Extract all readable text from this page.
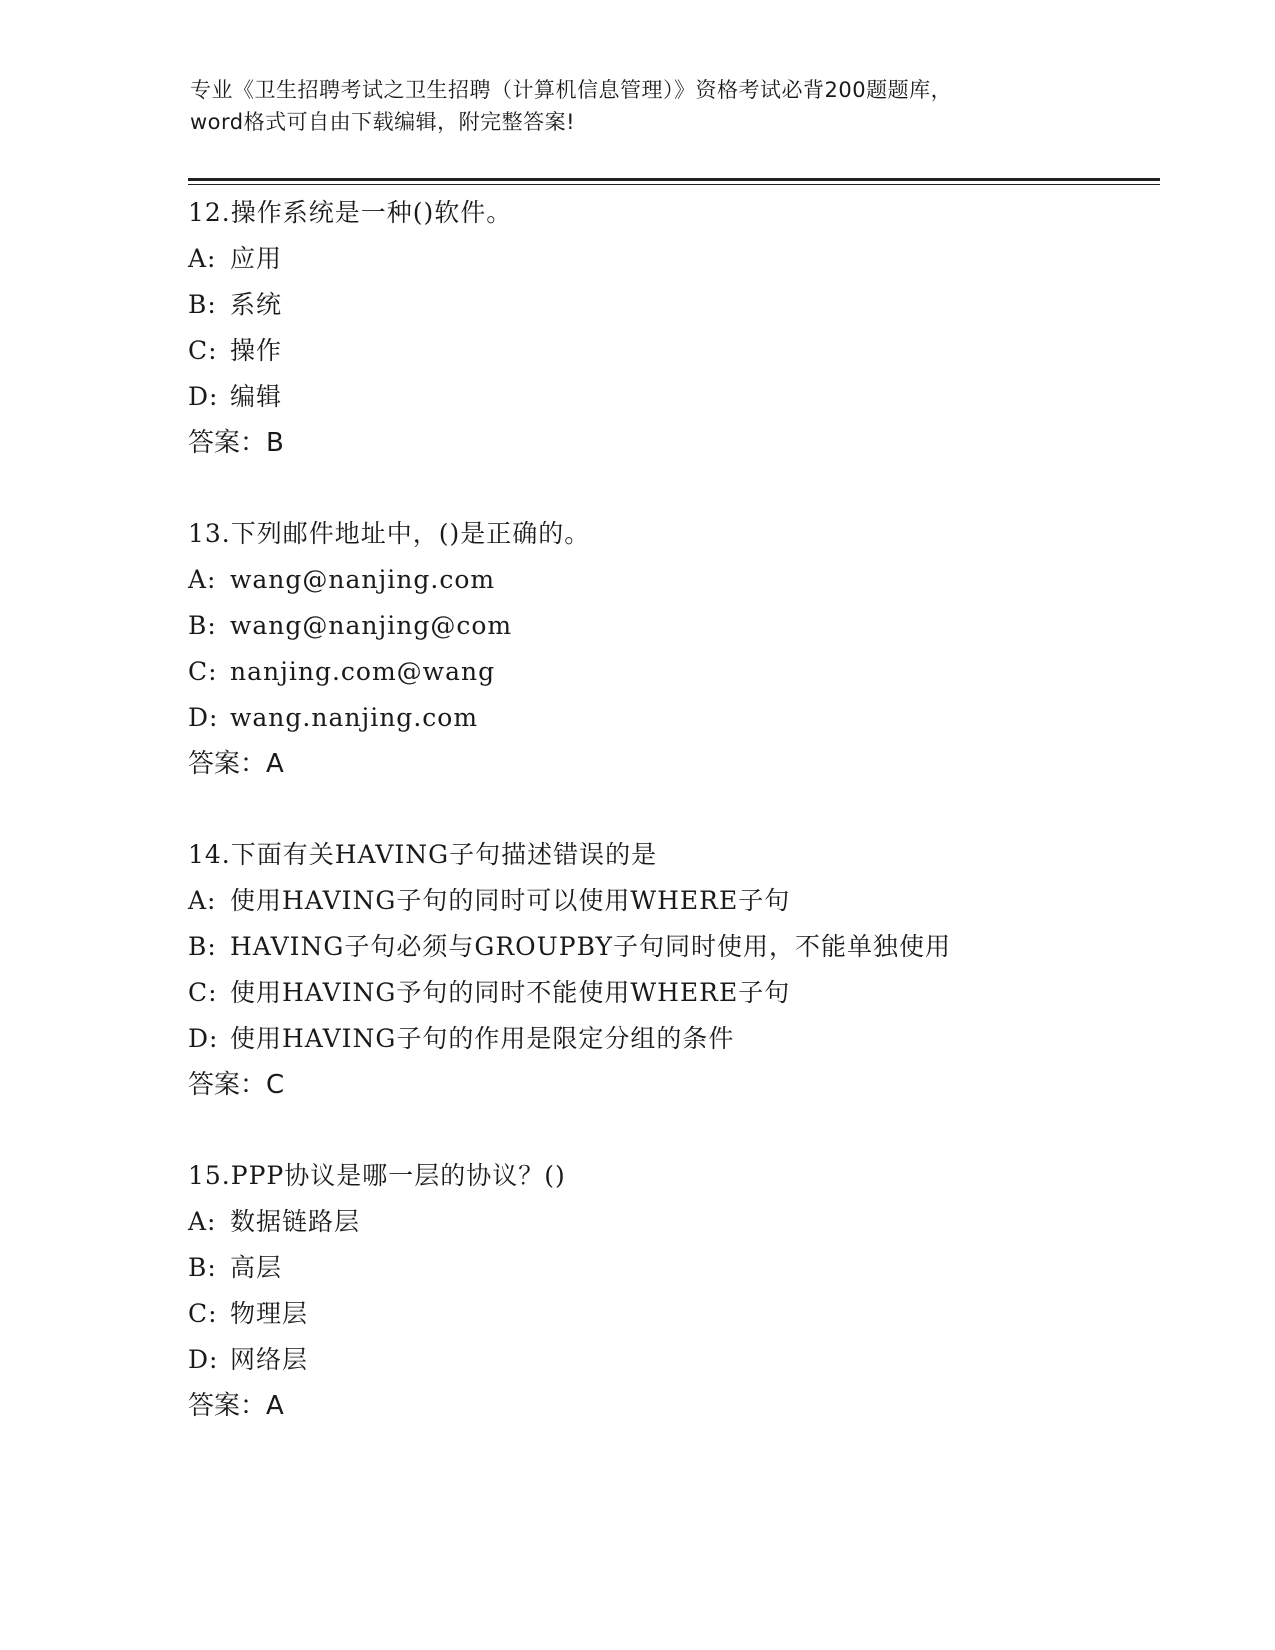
专业《卫生招聘考试之卫生招聘（计算机信息管理）》资格考试必背200题题库，
word格式可自由下载编辑，附完整答案!
12.操作系统是一种()软件。
A: 应用
B: 系统
C: 操作
D: 编辑
答案：B
13.下列邮件地址中，()是正确的。
A: wang@nanjing.com
B: wang@nanjing@com
C: nanjing.com@wang
D: wang.nanjing.com
答案：A
14.下面有关HAVING子句描述错误的是
A: 使用HAVING子句的同时可以使用WHERE子句
B: HAVING子句必须与GROUPBY子句同时使用，不能单独使用
C: 使用HAVING予句的同时不能使用WHERE子句
D: 使用HAVING子句的作用是限定分组的条件
答案：C
15.PPP协议是哪一层的协议？()
A: 数据链路层
B: 高层
C: 物理层
D: 网络层
答案：A
